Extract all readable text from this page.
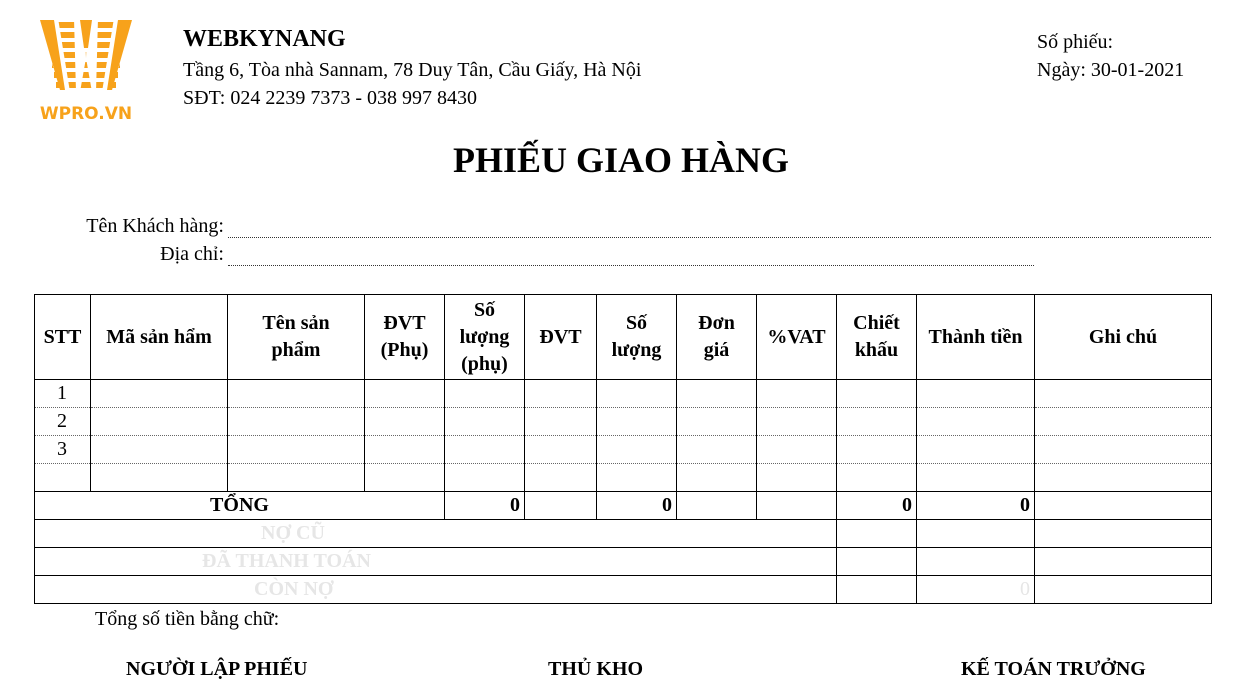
WPRO.VN
WEBKYNANG
Tầng 6, Tòa nhà Sannam, 78 Duy Tân, Cầu Giấy, Hà Nội
SĐT: 024 2239 7373 - 038 997 8430
Số phiếu:
Ngày: 30-01-2021
PHIẾU GIAO HÀNG
Tên Khách hàng:
Địa chỉ:
STT	Mã sản hẩm	Tên sản phẩm	ĐVT (Phụ)	Số lượng (phụ)	ĐVT	Số lượng	Đơn giá	%VAT	Chiết khấu	Thành tiền	Ghi chú
1											
2											
3											

TỔNG				0		0			0	0	
NỢ CŨ											
ĐÃ THANH TOÁN											
CÒN NỢ										0	
Tổng số tiền bằng chữ:
NGƯỜI LẬP PHIẾU	THỦ KHO	KẾ TOÁN TRƯỞNG
